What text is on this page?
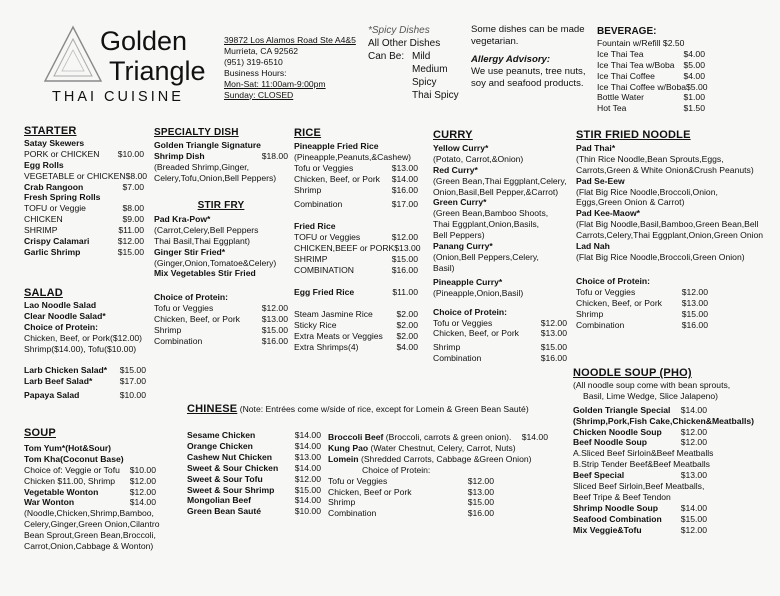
Golden
Triangle
THAI CUISINE
39872 Los Alamos Road Ste A4&5
Murrieta, CA 92562
(951) 319-6510
Business Hours:
Mon-Sat: 11:00am-9:00pm
Sunday: CLOSED
*Spicy Dishes
All Other Dishes
Can Be: Mild
Medium
Spicy
Thai Spicy
Some dishes can be made
vegetarian.
Allergy Advisory:
We use peanuts, tree nuts,
soy and seafood products.
BEVERAGE:
Fountain w/Refill $2.50
Ice Thai Tea	$4.00
Ice Thai Tea w/Boba	$5.00
Ice Thai Coffee	$4.00
Ice Thai Coffee w/Boba $5.00
Bottle Water	$1.00
Hot Tea	$1.50
STARTER
Satay Skewers
PORK or CHICKEN	$10.00
Egg Rolls
VEGETABLE or CHICKEN $8.00
Crab Rangoon	$7.00
Fresh Spring Rolls
TOFU or Veggie	$8.00
CHICKEN	$9.00
SHRIMP	$11.00
Crispy Calamari	$12.00
Garlic Shrimp	$15.00
SALAD
Lao Noodle Salad
Clear Noodle Salad*
Choice of Protein:
Chicken, Beef, or Pork($12.00)
Shrimp($14.00), Tofu($10.00)
Larb Chicken Salad*	$15.00
Larb Beef Salad*	$17.00
Papaya Salad	$10.00
SOUP
Tom Yum*(Hot&Sour)
Tom Kha(Coconut Base)
Choice of: Veggie or Tofu	$10.00
Chicken $11.00, Shrimp	$12.00
Vegetable Wonton	$12.00
War Wonton	$14.00
(Noodle,Chicken,Shrimp,Bamboo,
Celery,Ginger,Green Onion,Cilantro
Bean Sprout,Green Bean,Broccoli,
Carrot,Onion,Cabbage & Wonton)
SPECIALTY DISH
Golden Triangle Signature
Shrimp Dish	$18.00
(Breaded Shrimp,Ginger,
Celery,Tofu,Onion,Bell Peppers)
STIR FRY
Pad Kra-Pow*
(Carrot,Celery,Bell Peppers
Thai Basil,Thai Eggplant)
Ginger Stir Fried*
(Ginger,Onion,Tomatoe&Celery)
Mix Vegetables Stir Fried
Choice of Protein:
Tofu or Veggies	$12.00
Chicken, Beef, or Pork	$13.00
Shrimp	$15.00
Combination	$16.00
RICE
Pineapple Fried Rice
(Pineapple,Peanuts,&Cashew)
Tofu or Veggies	$13.00
Chicken, Beef, or Pork	$14.00
Shrimp	$16.00
Combination	$17.00
Fried Rice
TOFU or Veggies	$12.00
CHICKEN,BEEF or PORK $13.00
SHRIMP	$15.00
COMBINATION	$16.00
Egg Fried Rice	$11.00
Steam Jasmine Rice	$2.00
Sticky Rice	$2.00
Extra Meats or Veggies	$2.00
Extra Shrimps(4)	$4.00
CURRY
Yellow Curry*
(Potato, Carrot,&Onion)
Red Curry*
(Green Bean,Thai Eggplant,Celery,
Onion,Basil,Bell Pepper,&Carrot)
Green Curry*
(Green Bean,Bamboo Shoots,
Thai Eggplant,Onion,Basils,
Bell Peppers)
Panang Curry*
(Onion,Bell Peppers,Celery,
Basil)
Pineapple Curry*
(Pineapple,Onion,Basil)
Choice of Protein:
Tofu or Veggies	$12.00
Chicken, Beef, or Pork	$13.00
Shrimp	$15.00
Combination	$16.00
STIR FRIED NOODLE
Pad Thai*
(Thin Rice Noodle,Bean Sprouts,Eggs,
Carrots,Green & White Onion&Crush Peanuts)
Pad Se-Eew
(Flat Big Rice Noodle,Broccoli,Onion,
Eggs,Green Onion & Carrot)
Pad Kee-Maow*
(Flat Big Noodle,Basil,Bamboo,Green Bean,Bell
Carrots,Celery,Thai Eggplant,Onion,Green Onion
Lad Nah
(Flat Big Rice Noodle,Broccoli,Green Onion)
Choice of Protein:
Tofu or Veggies	$12.00
Chicken, Beef, or Pork	$13.00
Shrimp	$15.00
Combination	$16.00
NOODLE SOUP (PHO)
(All noodle soup come with bean sprouts,
Basil, Lime Wedge, Slice Jalapeno)
Golden Triangle Special	$14.00
(Shrimp,Pork,Fish Cake,Chicken&Meatballs)
Chicken Noodle Soup	$12.00
Beef Noodle Soup	$12.00
A.Sliced Beef Sirloin&Beef Meatballs
B.Strip Tender Beef&Beef Meatballs
Beef Special	$13.00
Sliced Beef Sirloin,Beef Meatballs,
Beef Tripe & Beef Tendon
Shrimp Noodle Soup	$14.00
Seafood Combination	$15.00
Mix Veggie&Tofu	$12.00
CHINESE (Note: Entrées come w/side of rice, except for Lomein & Green Bean Sauté)
Sesame Chicken	$14.00
Orange Chicken	$14.00
Cashew Nut Chicken	$13.00
Sweet & Sour Chicken	$14.00
Sweet & Sour Tofu	$12.00
Sweet & Sour Shrimp	$15.00
Mongolian Beef	$14.00
Green Bean Sauté	$10.00
Broccoli Beef
(Broccoli, carrots & green onion). $14.00
Kung Pao (Water Chestnut, Celery, Carrot, Nuts)
Lomein (Shredded Carrots, Cabbage &Green Onion)
Choice of Protein:
Tofu or Veggies	$12.00
Chicken, Beef or Pork	$13.00
Shrimp	$15.00
Combination	$16.00
